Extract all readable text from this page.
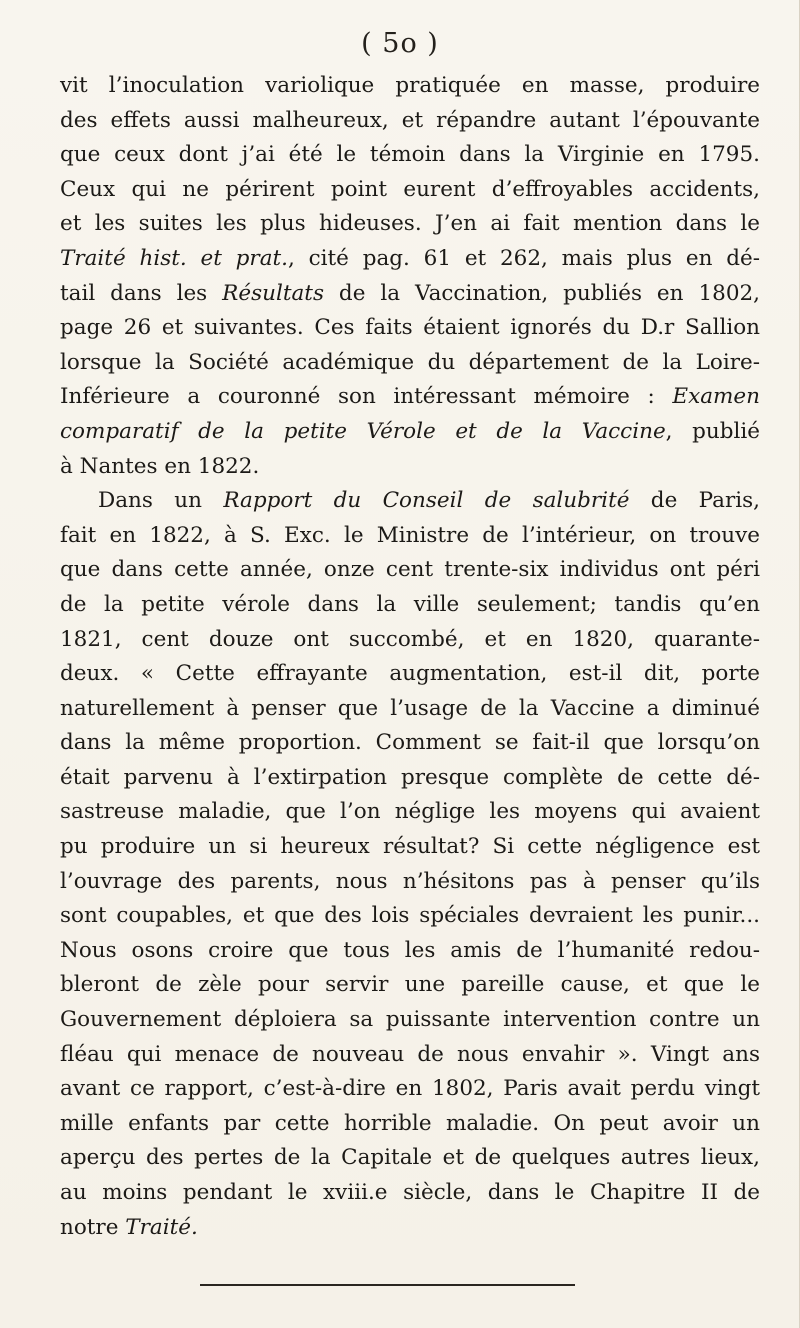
( 5o )
vit l’inoculation variolique pratiquée en masse, produire
des effets aussi malheureux, et répandre autant l’épouvante
que ceux dont j’ai été le témoin dans la Virginie en 1795.
Ceux qui ne périrent point eurent d’effroyables accidents,
et les suites les plus hideuses. J’en ai fait mention dans le
Traité hist. et prat., cité pag. 61 et 262, mais plus en dé-
tail dans les Résultats de la Vaccination, publiés en 1802,
page 26 et suivantes. Ces faits étaient ignorés du D.r Sallion
lorsque la Société académique du département de la Loire-
Inférieure a couronné son intéressant mémoire : Examen
comparatif de la petite Vérole et de la Vaccine, publié
à Nantes en 1822.
Dans un Rapport du Conseil de salubrité de Paris,
fait en 1822, à S. Exc. le Ministre de l’intérieur, on trouve
que dans cette année, onze cent trente-six individus ont péri
de la petite vérole dans la ville seulement; tandis qu’en
1821, cent douze ont succombé, et en 1820, quarante-
deux. « Cette effrayante augmentation, est-il dit, porte
naturellement à penser que l’usage de la Vaccine a diminué
dans la même proportion. Comment se fait-il que lorsqu’on
était parvenu à l’extirpation presque complète de cette dé-
sastreuse maladie, que l’on néglige les moyens qui avaient
pu produire un si heureux résultat? Si cette négligence est
l’ouvrage des parents, nous n’hésitons pas à penser qu’ils
sont coupables, et que des lois spéciales devraient les punir...
Nous osons croire que tous les amis de l’humanité redou-
bleront de zèle pour servir une pareille cause, et que le
Gouvernement déploiera sa puissante intervention contre un
fléau qui menace de nouveau de nous envahir ». Vingt ans
avant ce rapport, c’est-à-dire en 1802, Paris avait perdu vingt
mille enfants par cette horrible maladie. On peut avoir un
aperçu des pertes de la Capitale et de quelques autres lieux,
au moins pendant le xviii.e siècle, dans le Chapitre II de
notre Traité.
